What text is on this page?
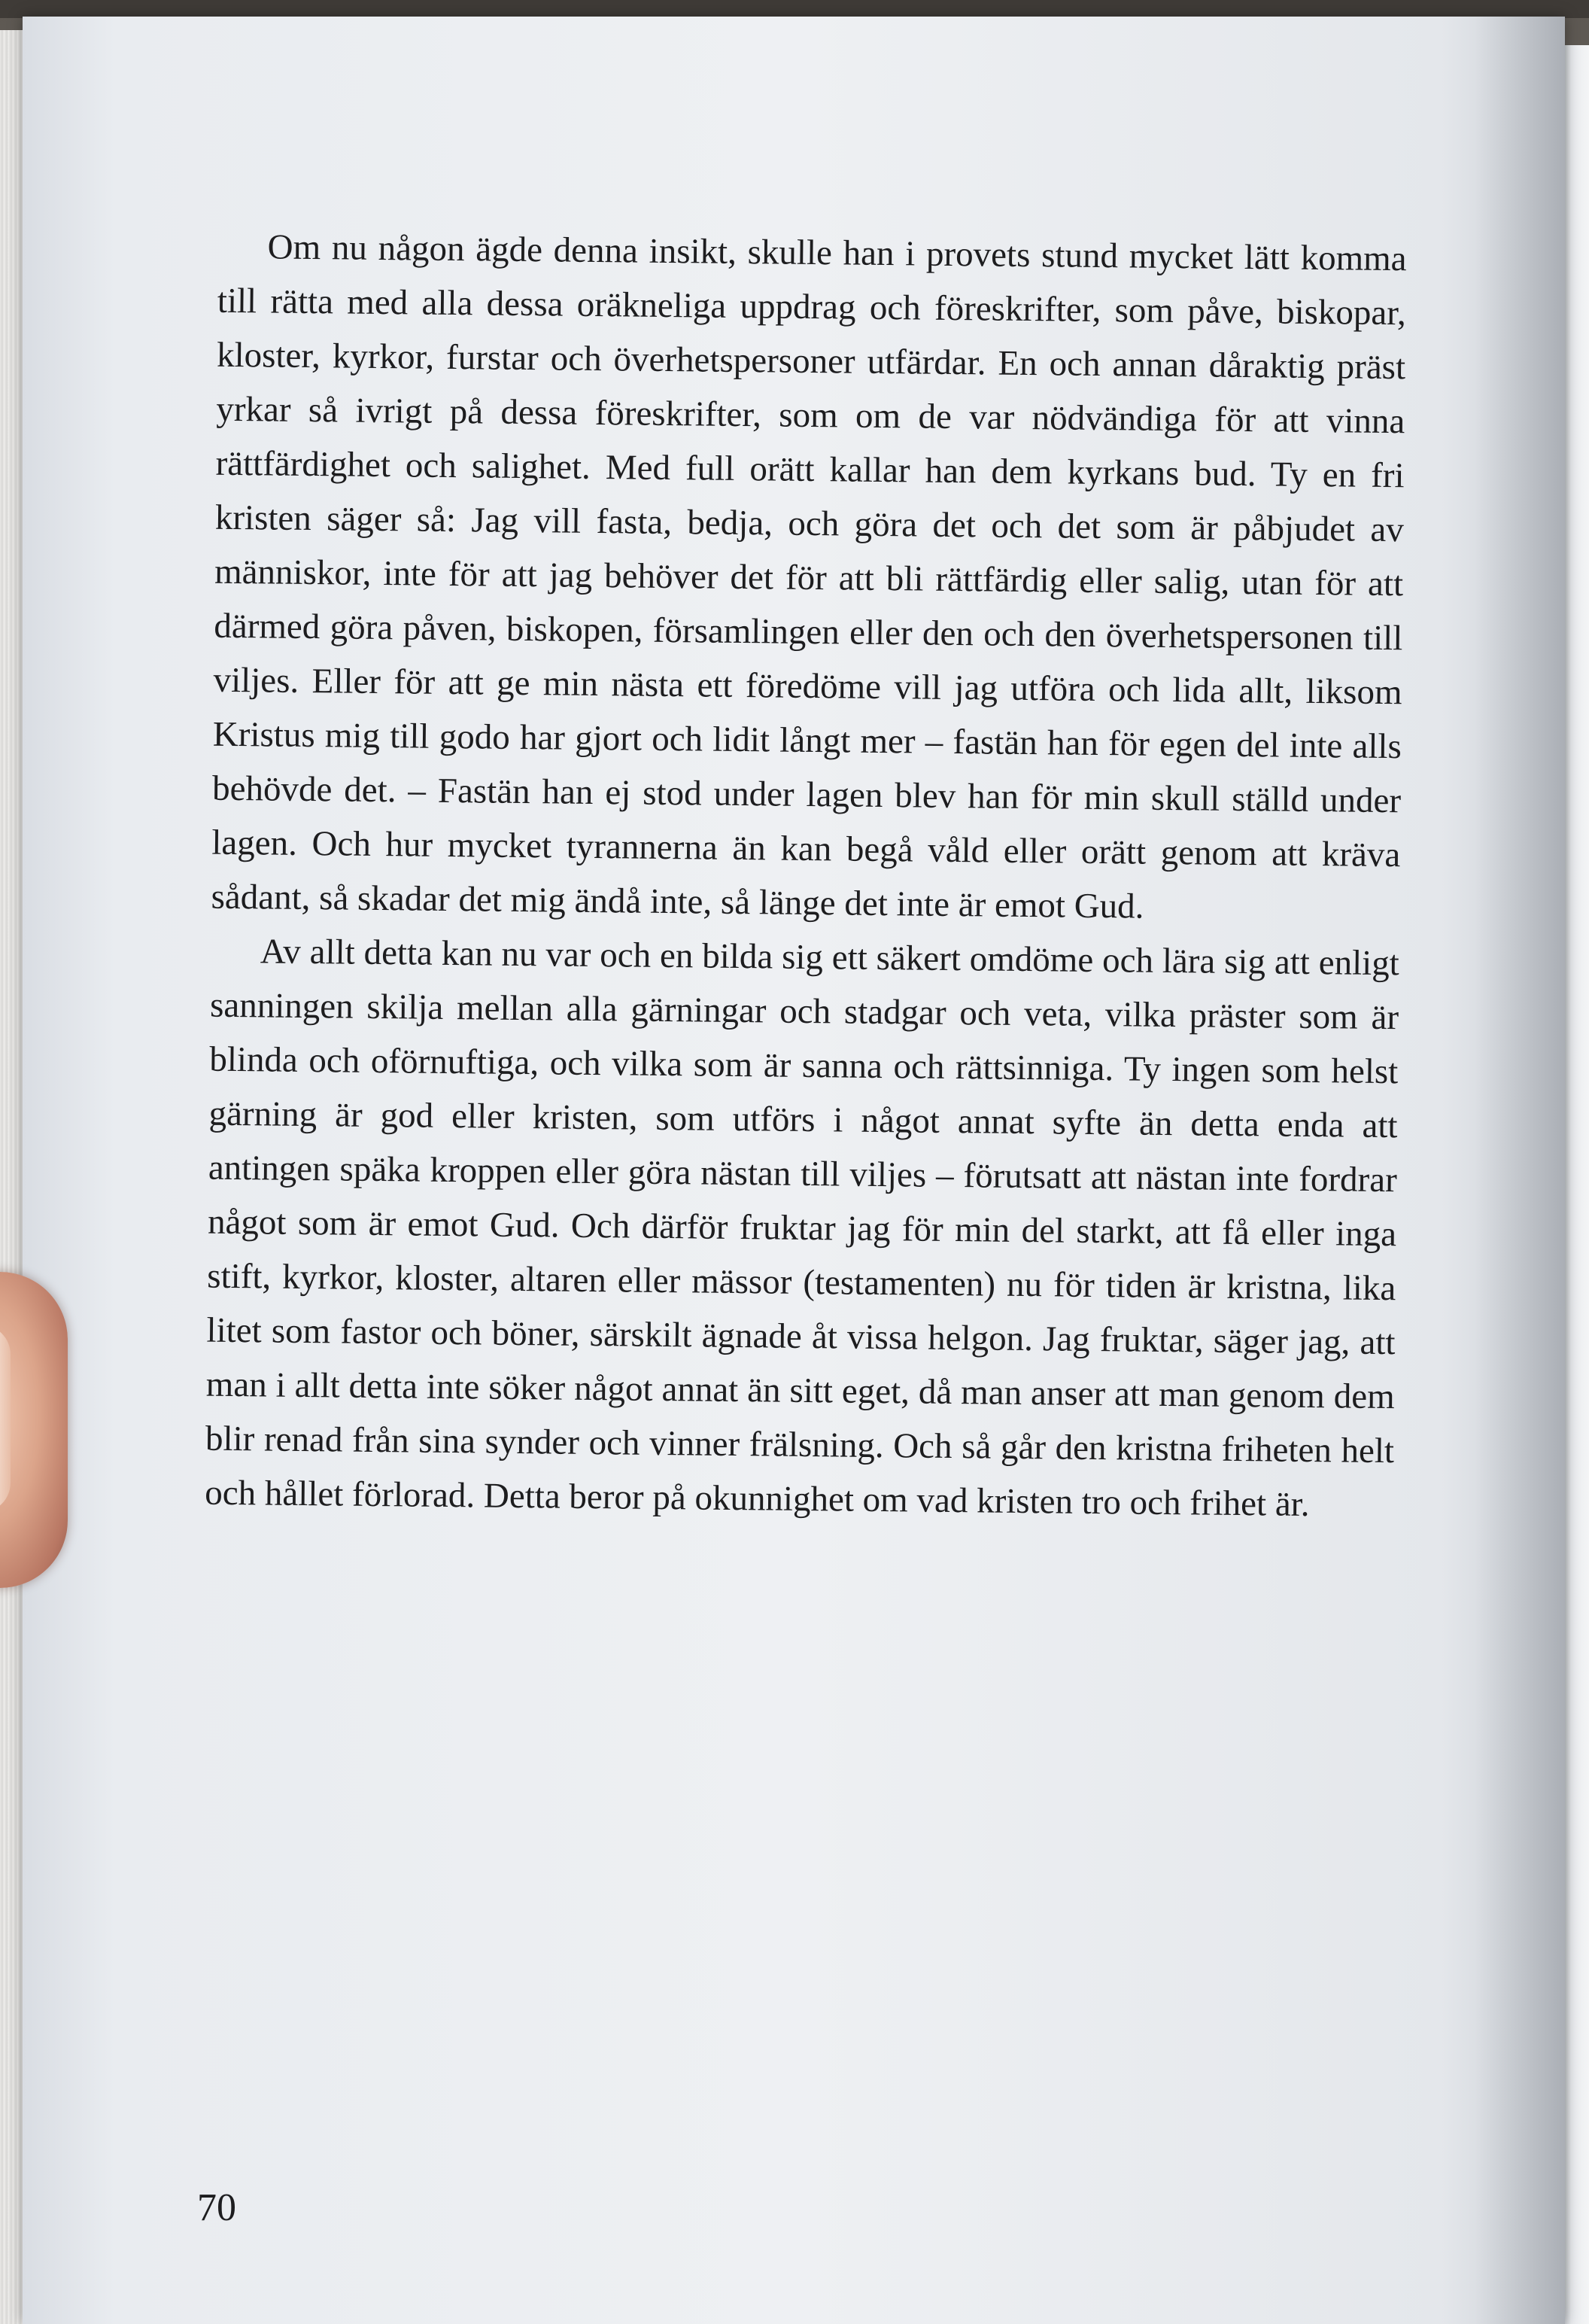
Om nu någon ägde denna insikt, skulle han i provets stund mycket lätt komma till rätta med alla dessa oräkneliga uppdrag och föreskrifter, som påve, biskopar, kloster, kyrkor, furstar och överhetspersoner utfärdar. En och annan dåraktig präst yrkar så ivrigt på dessa föreskrifter, som om de var nödvändiga för att vinna rättfärdighet och salighet. Med full orätt kallar han dem kyrkans bud. Ty en fri kristen säger så: Jag vill fasta, bedja, och göra det och det som är påbjudet av människor, inte för att jag behöver det för att bli rättfärdig eller salig, utan för att därmed göra påven, biskopen, församlingen eller den och den överhetspersonen till viljes. Eller för att ge min nästa ett föredöme vill jag utföra och lida allt, liksom Kristus mig till godo har gjort och lidit långt mer – fastän han för egen del inte alls behövde det. – Fastän han ej stod under lagen blev han för min skull ställd under lagen. Och hur mycket tyrannerna än kan begå våld eller orätt genom att kräva sådant, så skadar det mig ändå inte, så länge det inte är emot Gud.

Av allt detta kan nu var och en bilda sig ett säkert omdöme och lära sig att enligt sanningen skilja mellan alla gärningar och stadgar och veta, vilka präster som är blinda och oförnuftiga, och vilka som är sanna och rättsinniga. Ty ingen som helst gärning är god eller kristen, som utförs i något annat syfte än detta enda att antingen späka kroppen eller göra nästan till viljes – förutsatt att nästan inte fordrar något som är emot Gud. Och därför fruktar jag för min del starkt, att få eller inga stift, kyrkor, kloster, altaren eller mässor (testamenten) nu för tiden är kristna, lika litet som fastor och böner, särskilt ägnade åt vissa helgon. Jag fruktar, säger jag, att man i allt detta inte söker något annat än sitt eget, då man anser att man genom dem blir renad från sina synder och vinner frälsning. Och så går den kristna friheten helt och hållet förlorad. Detta beror på okunnighet om vad kristen tro och frihet är.

70
